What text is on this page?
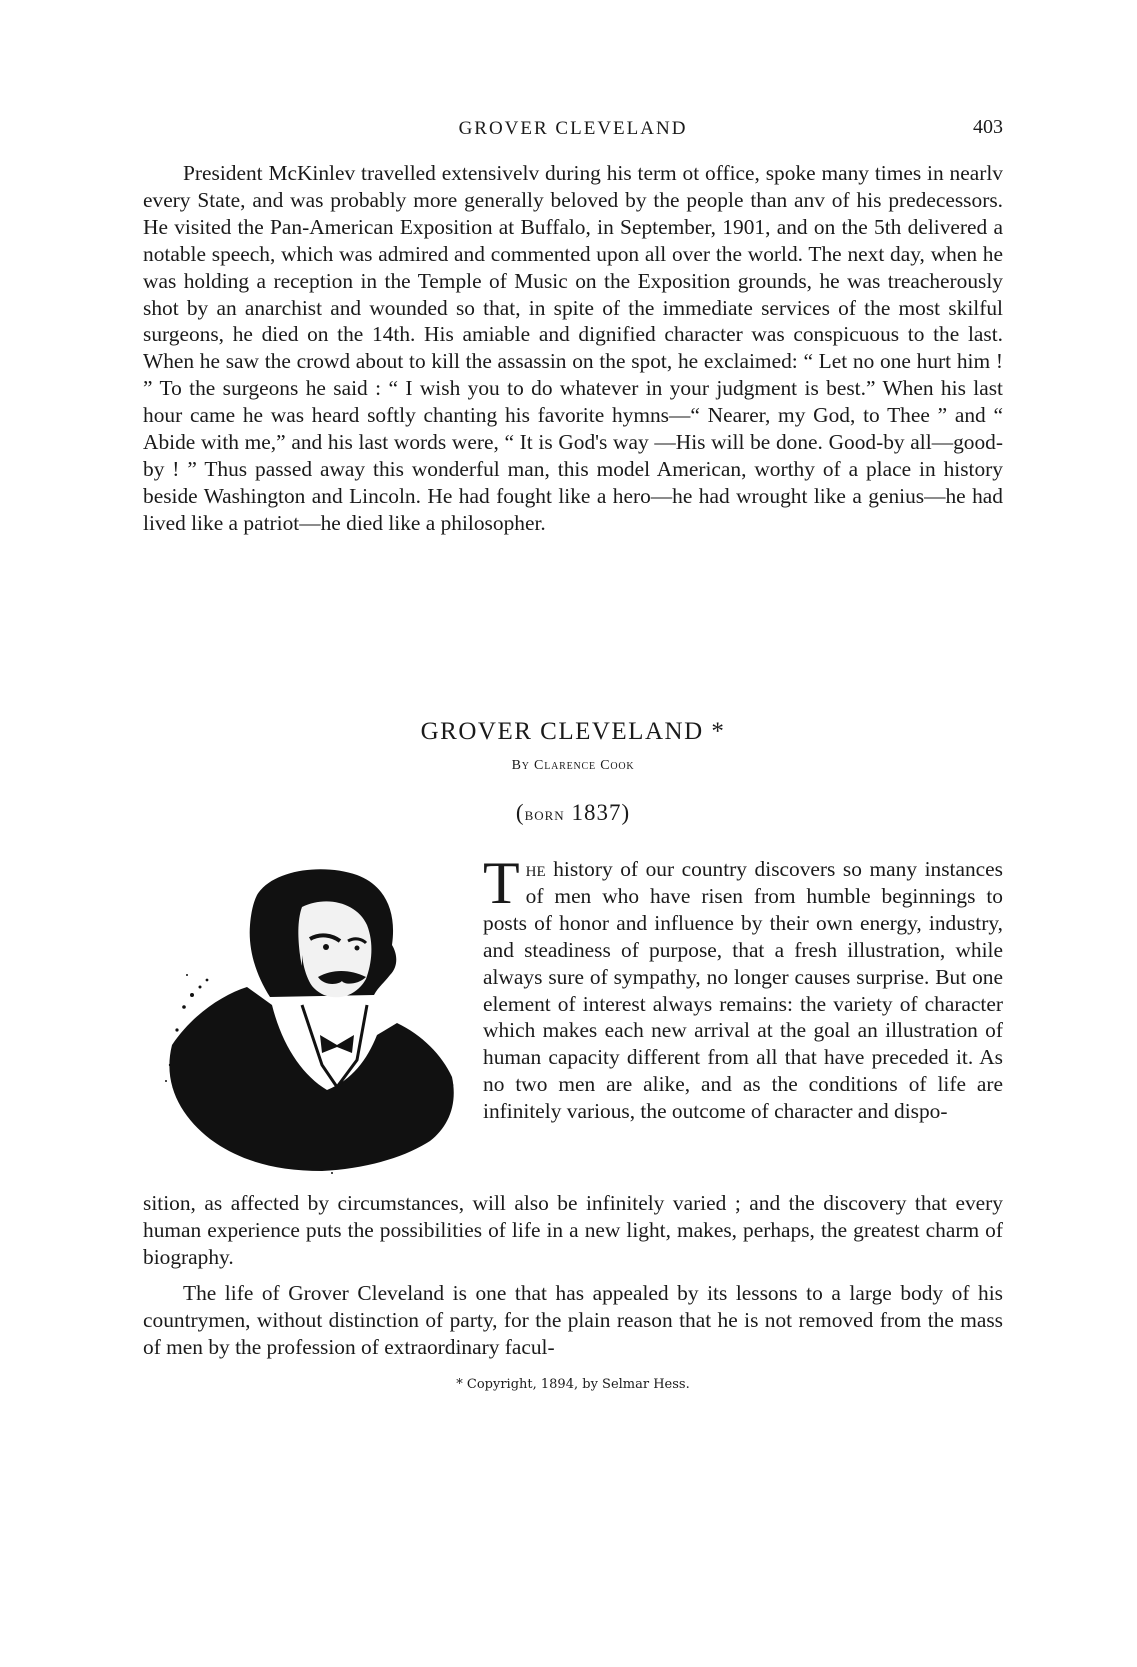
GROVER CLEVELAND	403

President McKinlev travelled extensivelv during his term ot office, spoke many times in nearlv every State, and was probably more generally beloved by the people than anv of his predecessors. He visited the Pan-American Exposition at Buffalo, in September, 1901, and on the 5th delivered a notable speech, which was admired and commented upon all over the world. The next day, when he was holding a reception in the Temple of Music on the Exposition grounds, he was treacherously shot by an anarchist and wounded so that, in spite of the immediate services of the most skilful surgeons, he died on the 14th. His amiable and dignified character was conspicuous to the last. When he saw the crowd about to kill the assassin on the spot, he exclaimed: “ Let no one hurt him ! ” To the surgeons he said : “ I wish you to do whatever in your judgment is best.” When his last hour came he was heard softly chanting his favorite hymns—“ Nearer, my God, to Thee ” and “ Abide with me,” and his last words were, “ It is God's way —His will be done. Good-by all—good-by ! ” Thus passed away this wonderful man, this model American, worthy of a place in history beside Washington and Lincoln. He had fought like a hero—he had wrought like a genius—he had lived like a patriot—he died like a philosopher.

GROVER CLEVELAND *
By Clarence Cook
(born 1837)

The history of our country discovers so many instances of men who have risen from humble beginnings to posts of honor and influence by their own energy, industry, and steadiness of purpose, that a fresh illustration, while always sure of sympathy, no longer causes surprise. But one element of interest always remains: the variety of character which makes each new arrival at the goal an illustration of human capacity different from all that have preceded it. As no two men are alike, and as the conditions of life are infinitely various, the outcome of character and dispo-

sition, as affected by circumstances, will also be infinitely varied ; and the discovery that every human experience puts the possibilities of life in a new light, makes, perhaps, the greatest charm of biography.

The life of Grover Cleveland is one that has appealed by its lessons to a large body of his countrymen, without distinction of party, for the plain reason that he is not removed from the mass of men by the profession of extraordinary facul-

* Copyright, 1894, by Selmar Hess.
